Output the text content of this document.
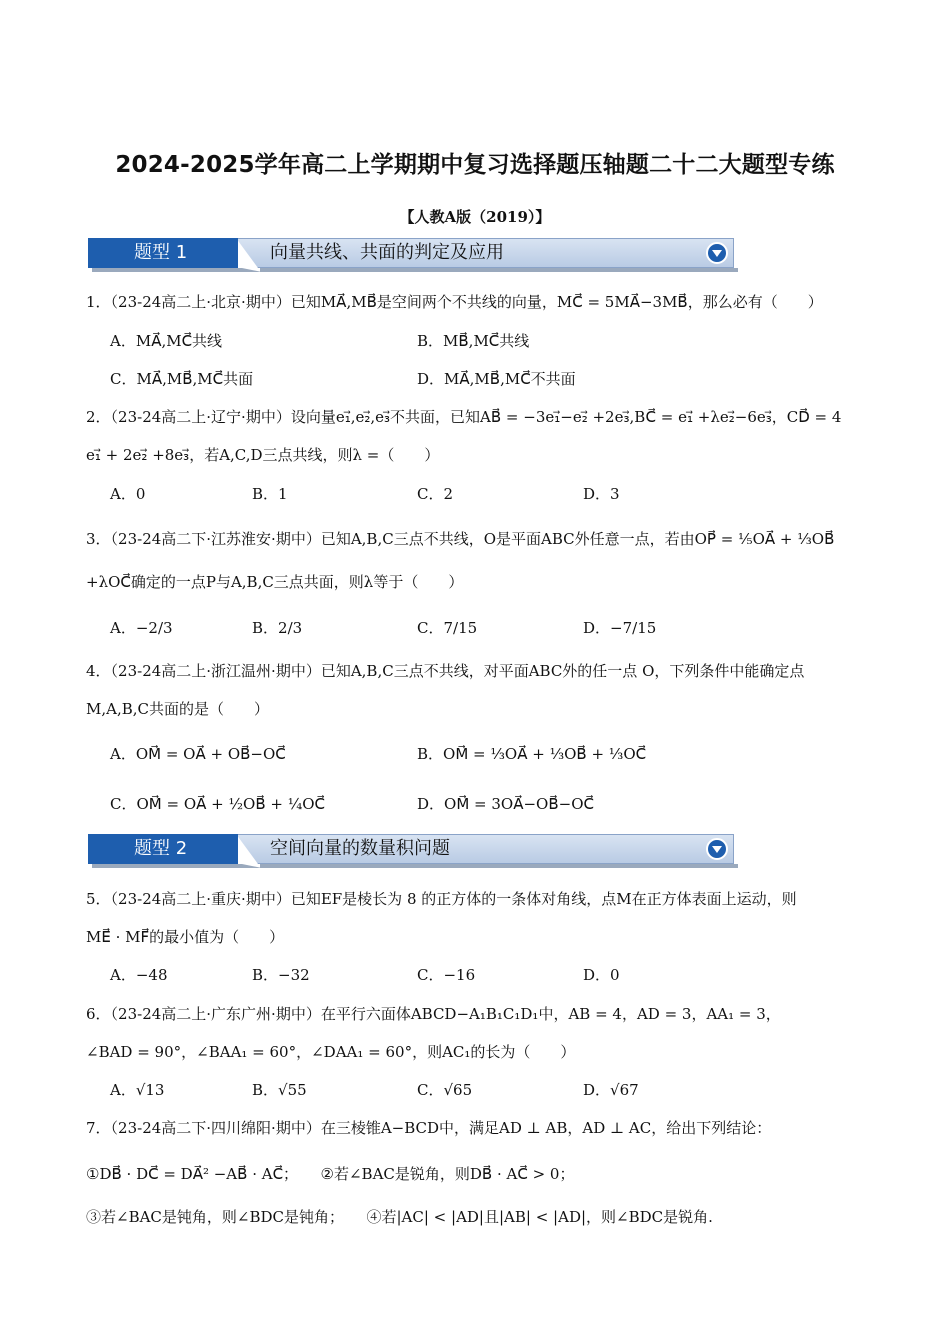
2024-2025学年高二上学期期中复习选择题压轴题二十二大题型专练
【人教A版（2019）】
题型 1	向量共线、共面的判定及应用
1．（23-24高二上·北京·期中）已知MA⃗,MB⃗是空间两个不共线的向量，MC⃗ = 5MA⃗−3MB⃗，那么必有（　　）
A．MA⃗,MC⃗共线	B．MB⃗,MC⃗共线
C．MA⃗,MB⃗,MC⃗共面	D．MA⃗,MB⃗,MC⃗不共面
2．（23-24高二上·辽宁·期中）设向量e₁⃗,e₂⃗,e₃⃗不共面，已知AB⃗ = −3e₁⃗−e₂⃗ +2e₃⃗,BC⃗ = e₁⃗ +λe₂⃗−6e₃⃗，CD⃗ = 4
e₁⃗ + 2e₂⃗ +8e₃⃗，若A,C,D三点共线，则λ =（　　）
A．0	B．1	C．2	D．3
3．（23-24高二下·江苏淮安·期中）已知A,B,C三点不共线，O是平面ABC外任意一点，若由OP⃗ = ⅕OA⃗ + ⅓OB⃗
+λOC⃗确定的一点P与A,B,C三点共面，则λ等于（　　）
A．−2/3	B．2/3	C．7/15	D．−7/15
4．（23-24高二上·浙江温州·期中）已知A,B,C三点不共线，对平面ABC外的任一点 O，下列条件中能确定点
M,A,B,C共面的是（　　）
A．OM⃗ = OA⃗ + OB⃗−OC⃗	B．OM⃗ = ⅓OA⃗ + ⅓OB⃗ + ⅓OC⃗
C．OM⃗ = OA⃗ + ½OB⃗ + ¼OC⃗	D．OM⃗ = 3OA⃗−OB⃗−OC⃗
题型 2	空间向量的数量积问题
5．（23-24高二上·重庆·期中）已知EF是棱长为 8 的正方体的一条体对角线，点M在正方体表面上运动，则
ME⃗ · MF⃗的最小值为（　　）
A．−48	B．−32	C．−16	D．0
6．（23-24高二上·广东广州·期中）在平行六面体ABCD−A₁B₁C₁D₁中，AB = 4，AD = 3，AA₁ = 3，
∠BAD = 90°，∠BAA₁ = 60°，∠DAA₁ = 60°，则AC₁的长为（　　）
A．√13	B．√55	C．√65	D．√67
7．（23-24高二下·四川绵阳·期中）在三棱锥A−BCD中，满足AD ⊥ AB，AD ⊥ AC，给出下列结论：
①DB⃗ · DC⃗ = DA⃗² −AB⃗ · AC⃗；　　②若∠BAC是锐角，则DB⃗ · AC⃗ > 0；
③若∠BAC是钝角，则∠BDC是钝角；　　④若|AC| < |AD|且|AB| < |AD|，则∠BDC是锐角.
